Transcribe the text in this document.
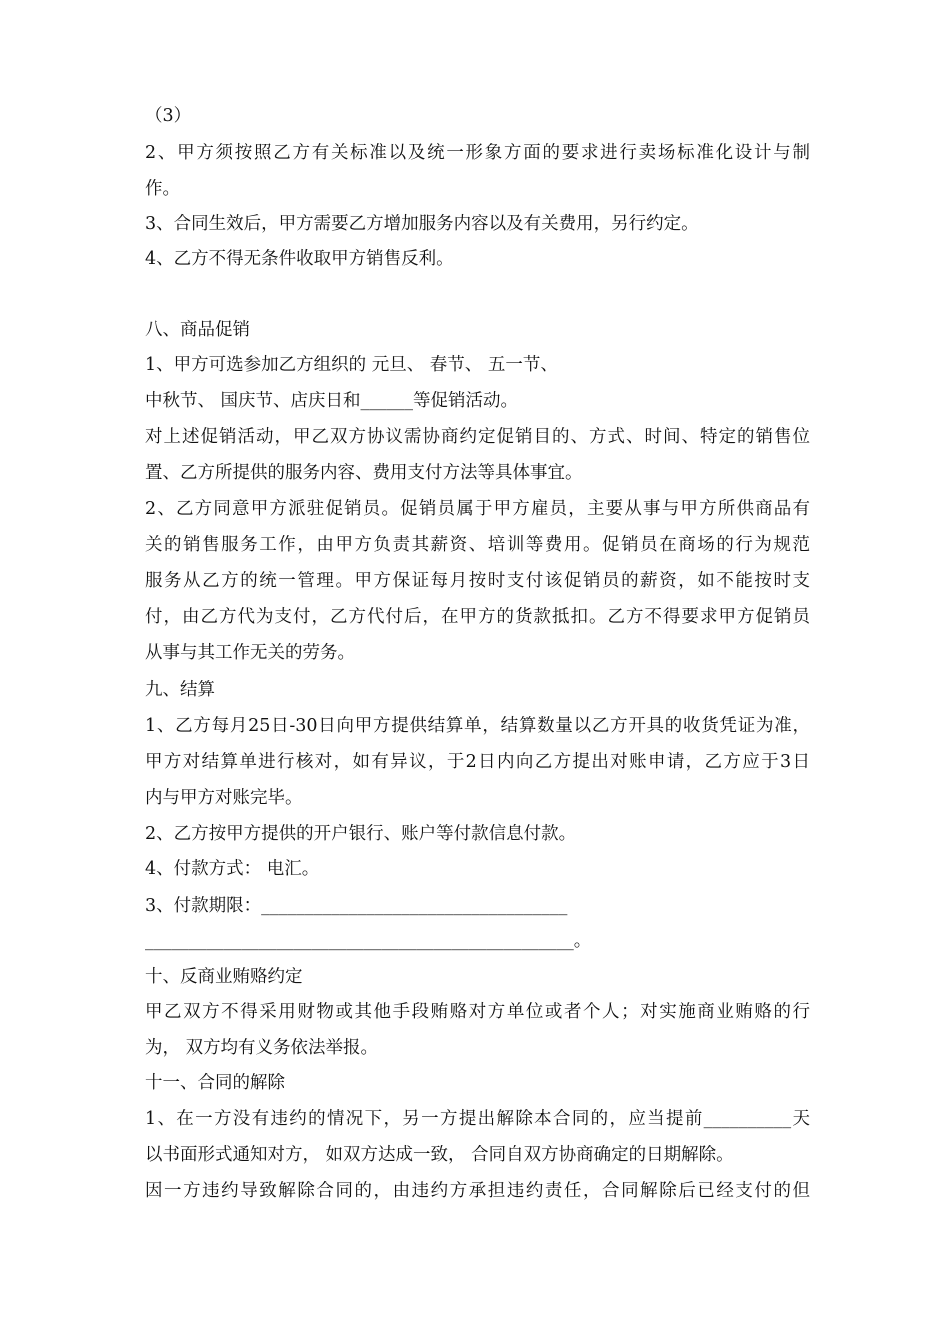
（3）
2、甲方须按照乙方有关标准以及统一形象方面的要求进行卖场标准化设计与制
作。
3、合同生效后，甲方需要乙方增加服务内容以及有关费用，另行约定。
4、乙方不得无条件收取甲方销售反利。
八、商品促销
1、甲方可选参加乙方组织的 元旦、 春节、 五一节、
中秋节、 国庆节、店庆日和______等促销活动。
对上述促销活动，甲乙双方协议需协商约定促销目的、方式、时间、特定的销售位
置、乙方所提供的服务内容、费用支付方法等具体事宜。
2、乙方同意甲方派驻促销员。促销员属于甲方雇员，主要从事与甲方所供商品有
关的销售服务工作，由甲方负责其薪资、培训等费用。促销员在商场的行为规范
服务从乙方的统一管理。甲方保证每月按时支付该促销员的薪资，如不能按时支
付，由乙方代为支付，乙方代付后，在甲方的货款抵扣。乙方不得要求甲方促销员
从事与其工作无关的劳务。
九、结算
1、乙方每月25日-30日向甲方提供结算单，结算数量以乙方开具的收货凭证为准，
甲方对结算单进行核对，如有异议，于2日内向乙方提出对账申请，乙方应于3日
内与甲方对账完毕。
2、乙方按甲方提供的开户银行、账户等付款信息付款。
4、付款方式： 电汇。
3、付款期限：___________________________________
_________________________________________________。
十、反商业贿赂约定
甲乙双方不得采用财物或其他手段贿赂对方单位或者个人；对实施商业贿赂的行
为， 双方均有义务依法举报。
十一、合同的解除
1、在一方没有违约的情况下，另一方提出解除本合同的，应当提前__________天
以书面形式通知对方， 如双方达成一致， 合同自双方协商确定的日期解除。
因一方违约导致解除合同的，由违约方承担违约责任，合同解除后已经支付的但
